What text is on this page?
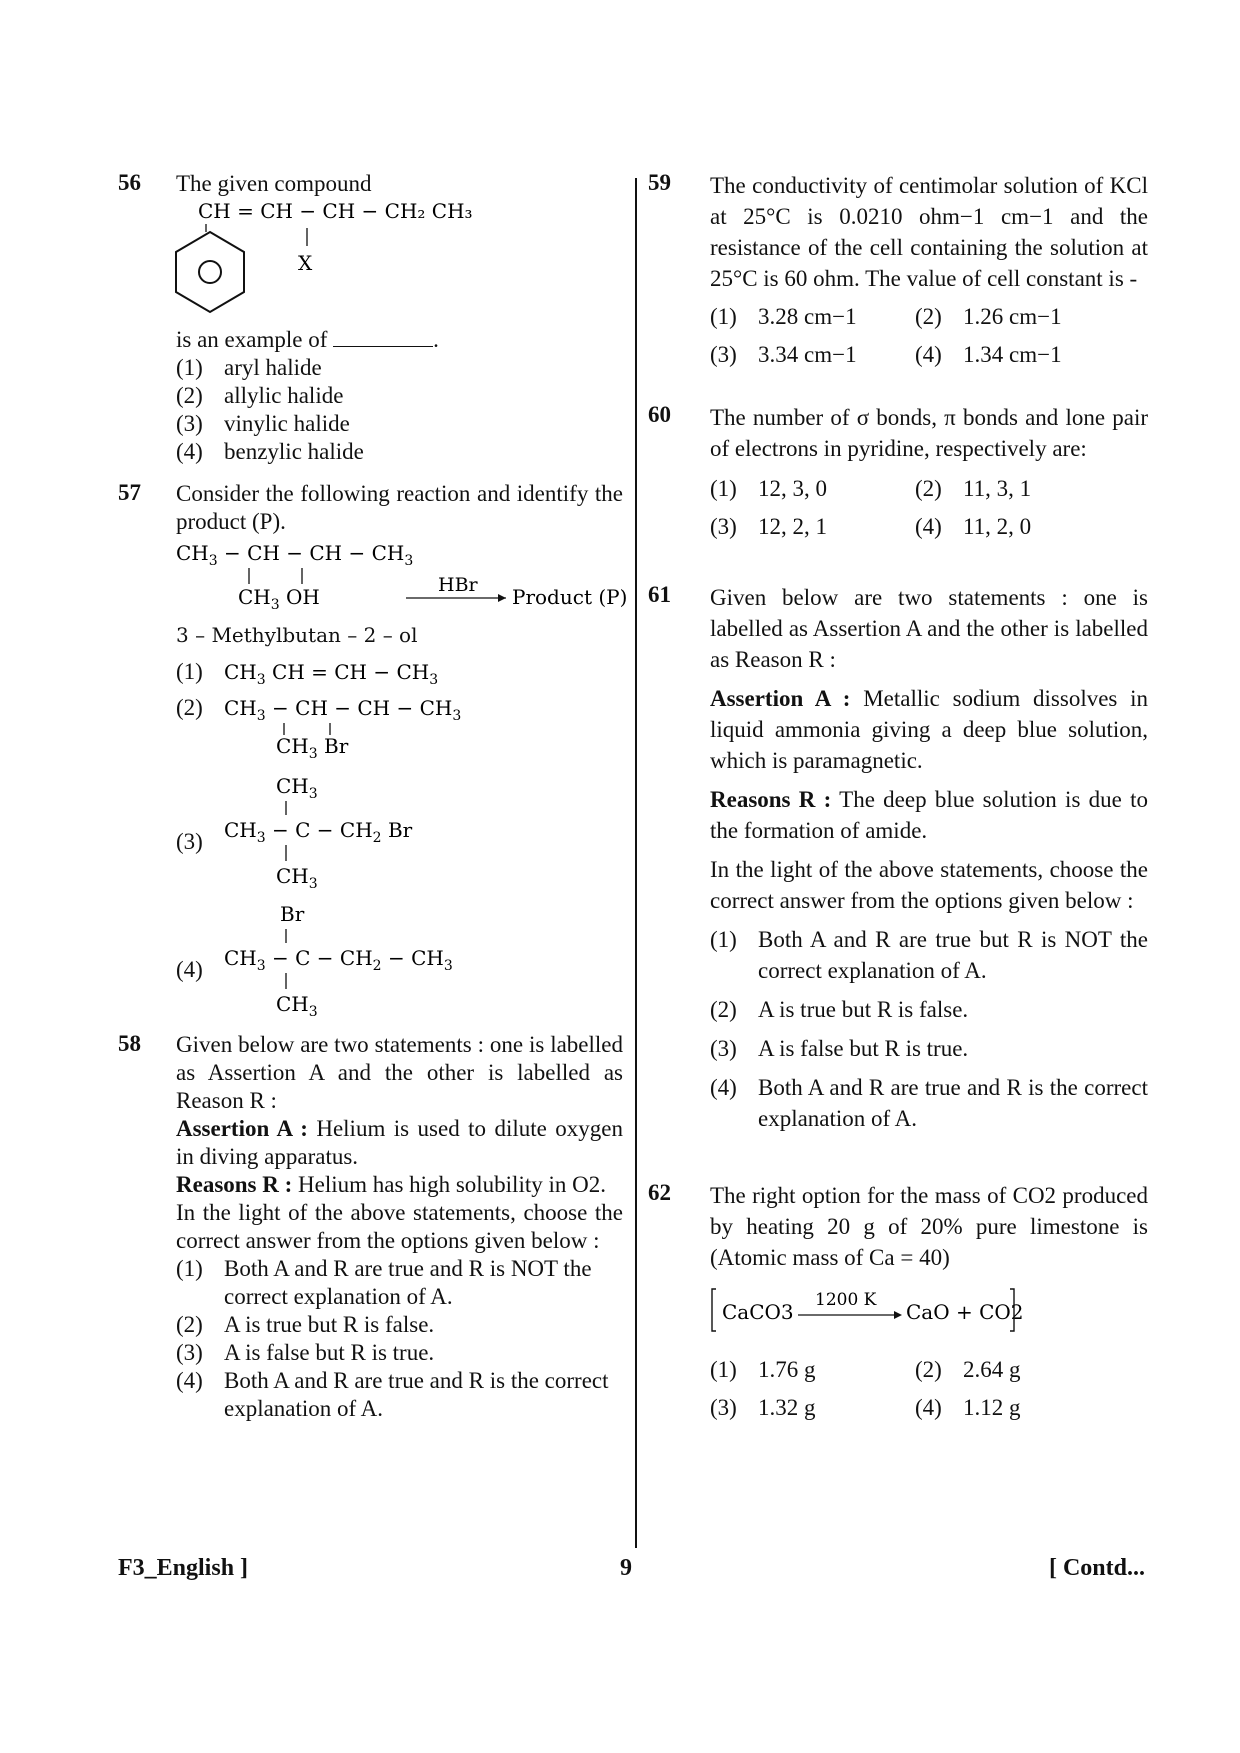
56 The given compound

CH = CH − CH − CH₂ CH₃
X

is an example of	.

(1) aryl halide
(2) allylic halide
(3) vinylic halide
(4) benzylic halide
57 Consider the following reaction and identify the product (P).

$CH_3$ − CH − CH − $CH_3$
$CH_3$ OH	HBr Product (P)

3 – Methylbutan – 2 – ol

(1)	$CH_3$ CH = CH − $CH_3$
(2)	$CH_3$ − CH − CH − $CH_3$
$CH_3$ Br
(3)
$CH_3$
$CH_3 - C - CH_2$ Br
$CH_3$
(4)
Br
$CH_3 - C - CH_2 - CH_3$
$CH_3$
58 Given below are two statements : one is labelled as Assertion A and the other is labelled as Reason R :

Assertion A : Helium is used to dilute oxygen in diving apparatus.

Reasons R : Helium has high solubility in O2.

In the light of the above statements, choose the correct answer from the options given below :

(1) Both A and R are true and R is NOT the correct explanation of A.
(2) A is true but R is false.
(3) A is false but R is true.
(4) Both A and R are true and R is the correct explanation of A.
59 The conductivity of centimolar solution of KCl at 25°C is 0.0210 ohm−1 cm−1 and the resistance of the cell containing the solution at 25°C is 60 ohm. The value of cell constant is -

(1) 3.28 cm−1	(2) 1.26 cm−1
(3) 3.34 cm−1	(4) 1.34 cm−1
60 The number of σ bonds, π bonds and lone pair of electrons in pyridine, respectively are:

(1) 12, 3, 0	(2) 11, 3, 1
(3) 12, 2, 1	(4) 11, 2, 0
61 Given below are two statements : one is labelled as Assertion A and the other is labelled as Reason R :

Assertion A : Metallic sodium dissolves in liquid ammonia giving a deep blue solution, which is paramagnetic.

Reasons R : The deep blue solution is due to the formation of amide.

In the light of the above statements, choose the correct answer from the options given below :

(1) Both A and R are true but R is NOT the correct explanation of A.
(2) A is true but R is false.
(3) A is false but R is true.
(4) Both A and R are true and R is the correct explanation of A.
62 The right option for the mass of CO2 produced by heating 20 g of 20% pure limestone is (Atomic mass of Ca = 40)

CaCO3 1200 K CaO + CO2
(1) 1.76 g	(2) 2.64 g
(3) 1.32 g	(4) 1.12 g
F3_English ]	9	[ Contd...
